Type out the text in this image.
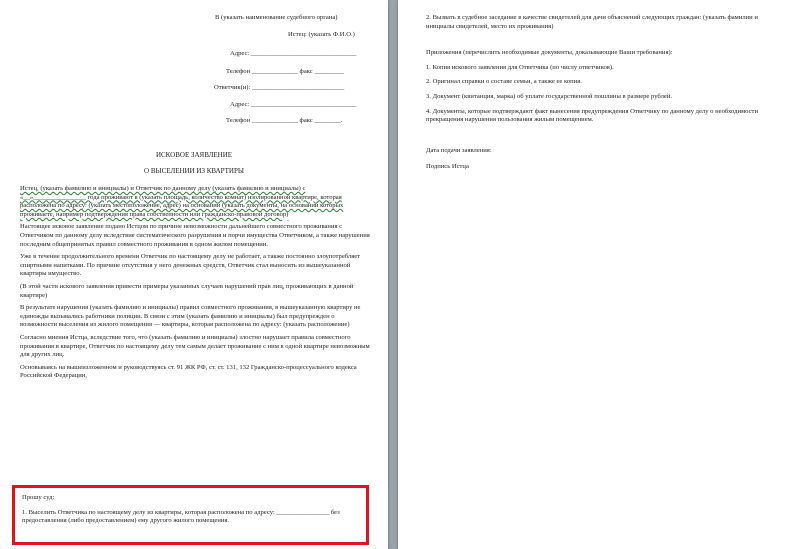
В (указать наименование судебного органа)
Истец: (указать Ф.И.О.)
Адрес: ________________________________
Телефон ______________ факс _________
Ответчик(и): ____________________________
Адрес: ________________________________
Телефон ______________ факс ________.
ИСКОВОЕ ЗАЯВЛЕНИЕ
О ВЫСЕЛЕНИИ ИЗ КВАРТИРЫ

Истец, (указать фамилию и инициалы) и Ответчик по данному делу (указать фамилию и инициалы) с «__»________________ года проживают в (указать площадь, количество комнат) изолированной квартире, которая расположена по адресу: (указать местоположение, адрес) на основании (указать документы, на основании которых проживаете, например подтверждения права собственности или гражданско-правовой договор)

Настоящее исковое заявление подано Истцом по причине невозможности дальнейшего совместного проживания с Ответчиком по данному делу вследствие систематического разрушения и порчи имущества Ответчиком, а также нарушения последним общепринятых правил совместного проживания в одном жилом помещении.

Уже в течение продолжительного времени Ответчик по настоящему делу не работает, а также постоянно злоупотребляет спиртными напитками. По причине отсутствия у него денежных средств, Ответчик стал выносить из вышеуказанной квартиры имущество.

(В этой части искового заявления привести примеры указанных случаев нарушений прав лиц, проживающих в данной квартире)

В результате нарушения (указать фамилию и инициалы) правил совместного проживания, в вышеуказанную квартиру не единожды вызывались работники полиции. В связи с этим (указать фамилию и инициалы) был предупрежден о возможности выселения из жилого помещения — квартиры, которая расположена по адресу: (указать расположение)

Согласно мнения Истца, вследствие того, что (указать фамилию и инициалы) злостно нарушает правила совместного проживания в квартире, Ответчик по настоящему делу тем самым делает проживание с ним в одной квартире невозможным для других лиц.

Основываясь на вышеизложенном и руководствуясь ст. 91 ЖК РФ, ст. ст. 131, 132 Гражданско-процессуального кодекса Российской Федерации,

Прошу суд:

1. Выселить Ответчика по настоящему делу из квартиры, которая расположена по адресу: ________________ без предоставления (либо предоставлением) ему другого жилого помещения.

2. Вызвать в судебное заседание в качестве свидетелей для дачи объяснений следующих граждан: (указать фамилии и инициалы свидетелей, место их проживания)

Приложения (перечислить необходимые документы, доказывающие Ваши требования):

1. Копия искового заявления для Ответчика (по числу ответчиков).

2. Оригинал справки о составе семьи, а также ее копия.

3. Документ (квитанция, марка) об уплате государственной пошлины в размере рублей.

4. Документы, которые подтверждают факт вынесения предупреждения Ответчику по данному делу о необходимости прекращения нарушения пользования жилым помещением.

Дата подачи заявления:

Подпись Истца
